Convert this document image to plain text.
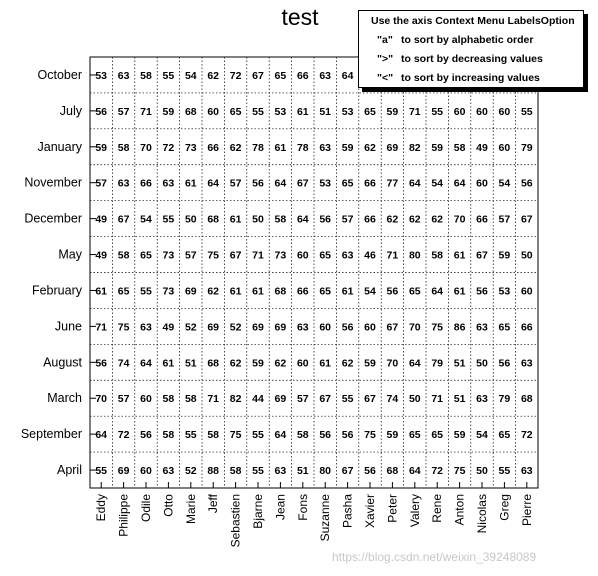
test
October
July
January
November
December
May
February
June
August
March
September
April
Eddy Philippe Odile Otto Marie Jeff Sebastien Bjarne Jean Fons Suzanne Pasha Xavier Peter Valery Rene Anton Nicolas Greg Pierre
53 63 58 55 54 62 72 67 65 66 63 64
56 57 71 59 68 60 65 55 53 61 51 53 65 59 71 55 60 60 60 55
59 58 70 72 73 66 62 78 61 78 63 59 62 69 82 59 58 49 60 79
57 63 66 63 61 64 57 56 64 67 53 65 66 77 64 54 64 60 54 56
49 67 54 55 50 68 61 50 58 64 56 57 66 62 62 62 70 66 57 67
49 58 65 73 57 75 67 71 73 60 65 63 46 71 80 58 61 67 59 50
61 65 55 73 69 62 61 61 68 66 65 61 54 56 65 64 61 56 53 60
71 75 63 49 52 69 52 69 69 63 60 56 60 67 70 75 86 63 65 66
56 74 64 61 51 68 62 59 62 60 61 62 59 70 64 79 51 50 56 63
70 57 60 58 58 71 82 44 69 57 67 55 67 74 50 71 51 63 79 68
64 72 56 58 55 58 75 55 64 58 56 56 75 59 65 65 59 54 65 72
55 69 60 63 52 88 58 55 63 51 80 67 56 68 64 72 75 50 55 63
Use the axis Context Menu LabelsOption
"a" to sort by alphabetic order
">" to sort by decreasing values
"<" to sort by increasing values
https://blog.csdn.net/weixin_39248089
